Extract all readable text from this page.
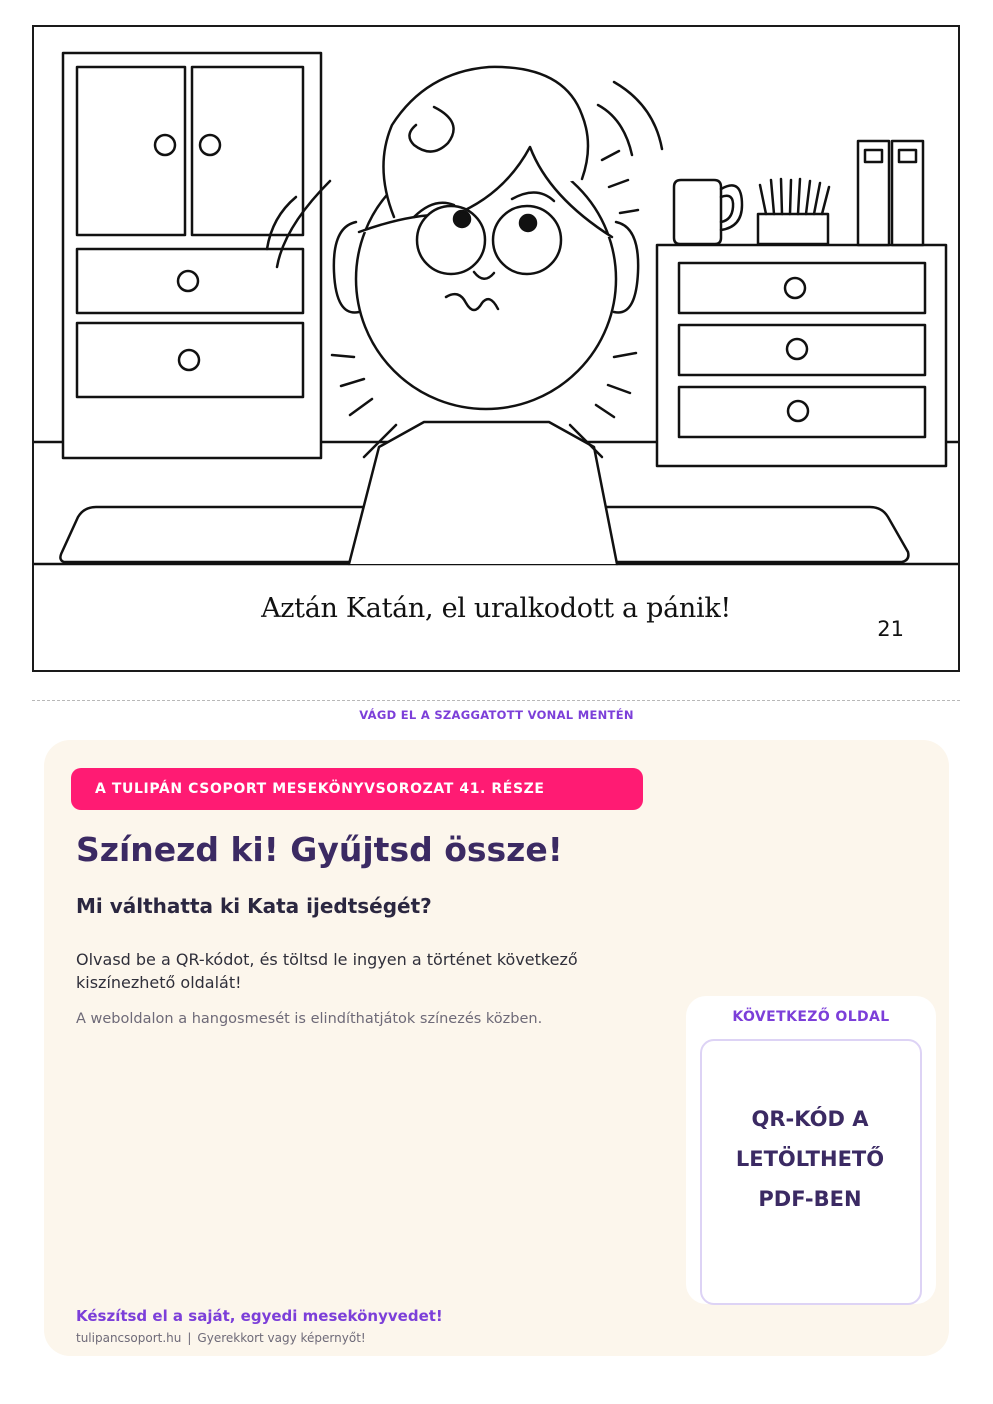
Aztán Katán, el uralkodott a pánik!
21
VÁGD EL A SZAGGATOTT VONAL MENTÉN
A TULIPÁN CSOPORT MESEKÖNYVSOROZAT 41. RÉSZE
Színezd ki! Gyűjtsd össze!
Mi válthatta ki Kata ijedtségét?
Olvasd be a QR-kódot, és töltsd le ingyen a történet következő kiszínezhető oldalát!
A weboldalon a hangosmesét is elindíthatjátok színezés közben.	KÖVETKEZŐ OLDAL
QR-KÓD A LETÖLTHETŐ PDF-BEN
Készítsd el a saját, egyedi mesekönyvedet!
tulipancsoport.hu | Gyerekkort vagy képernyőt!
